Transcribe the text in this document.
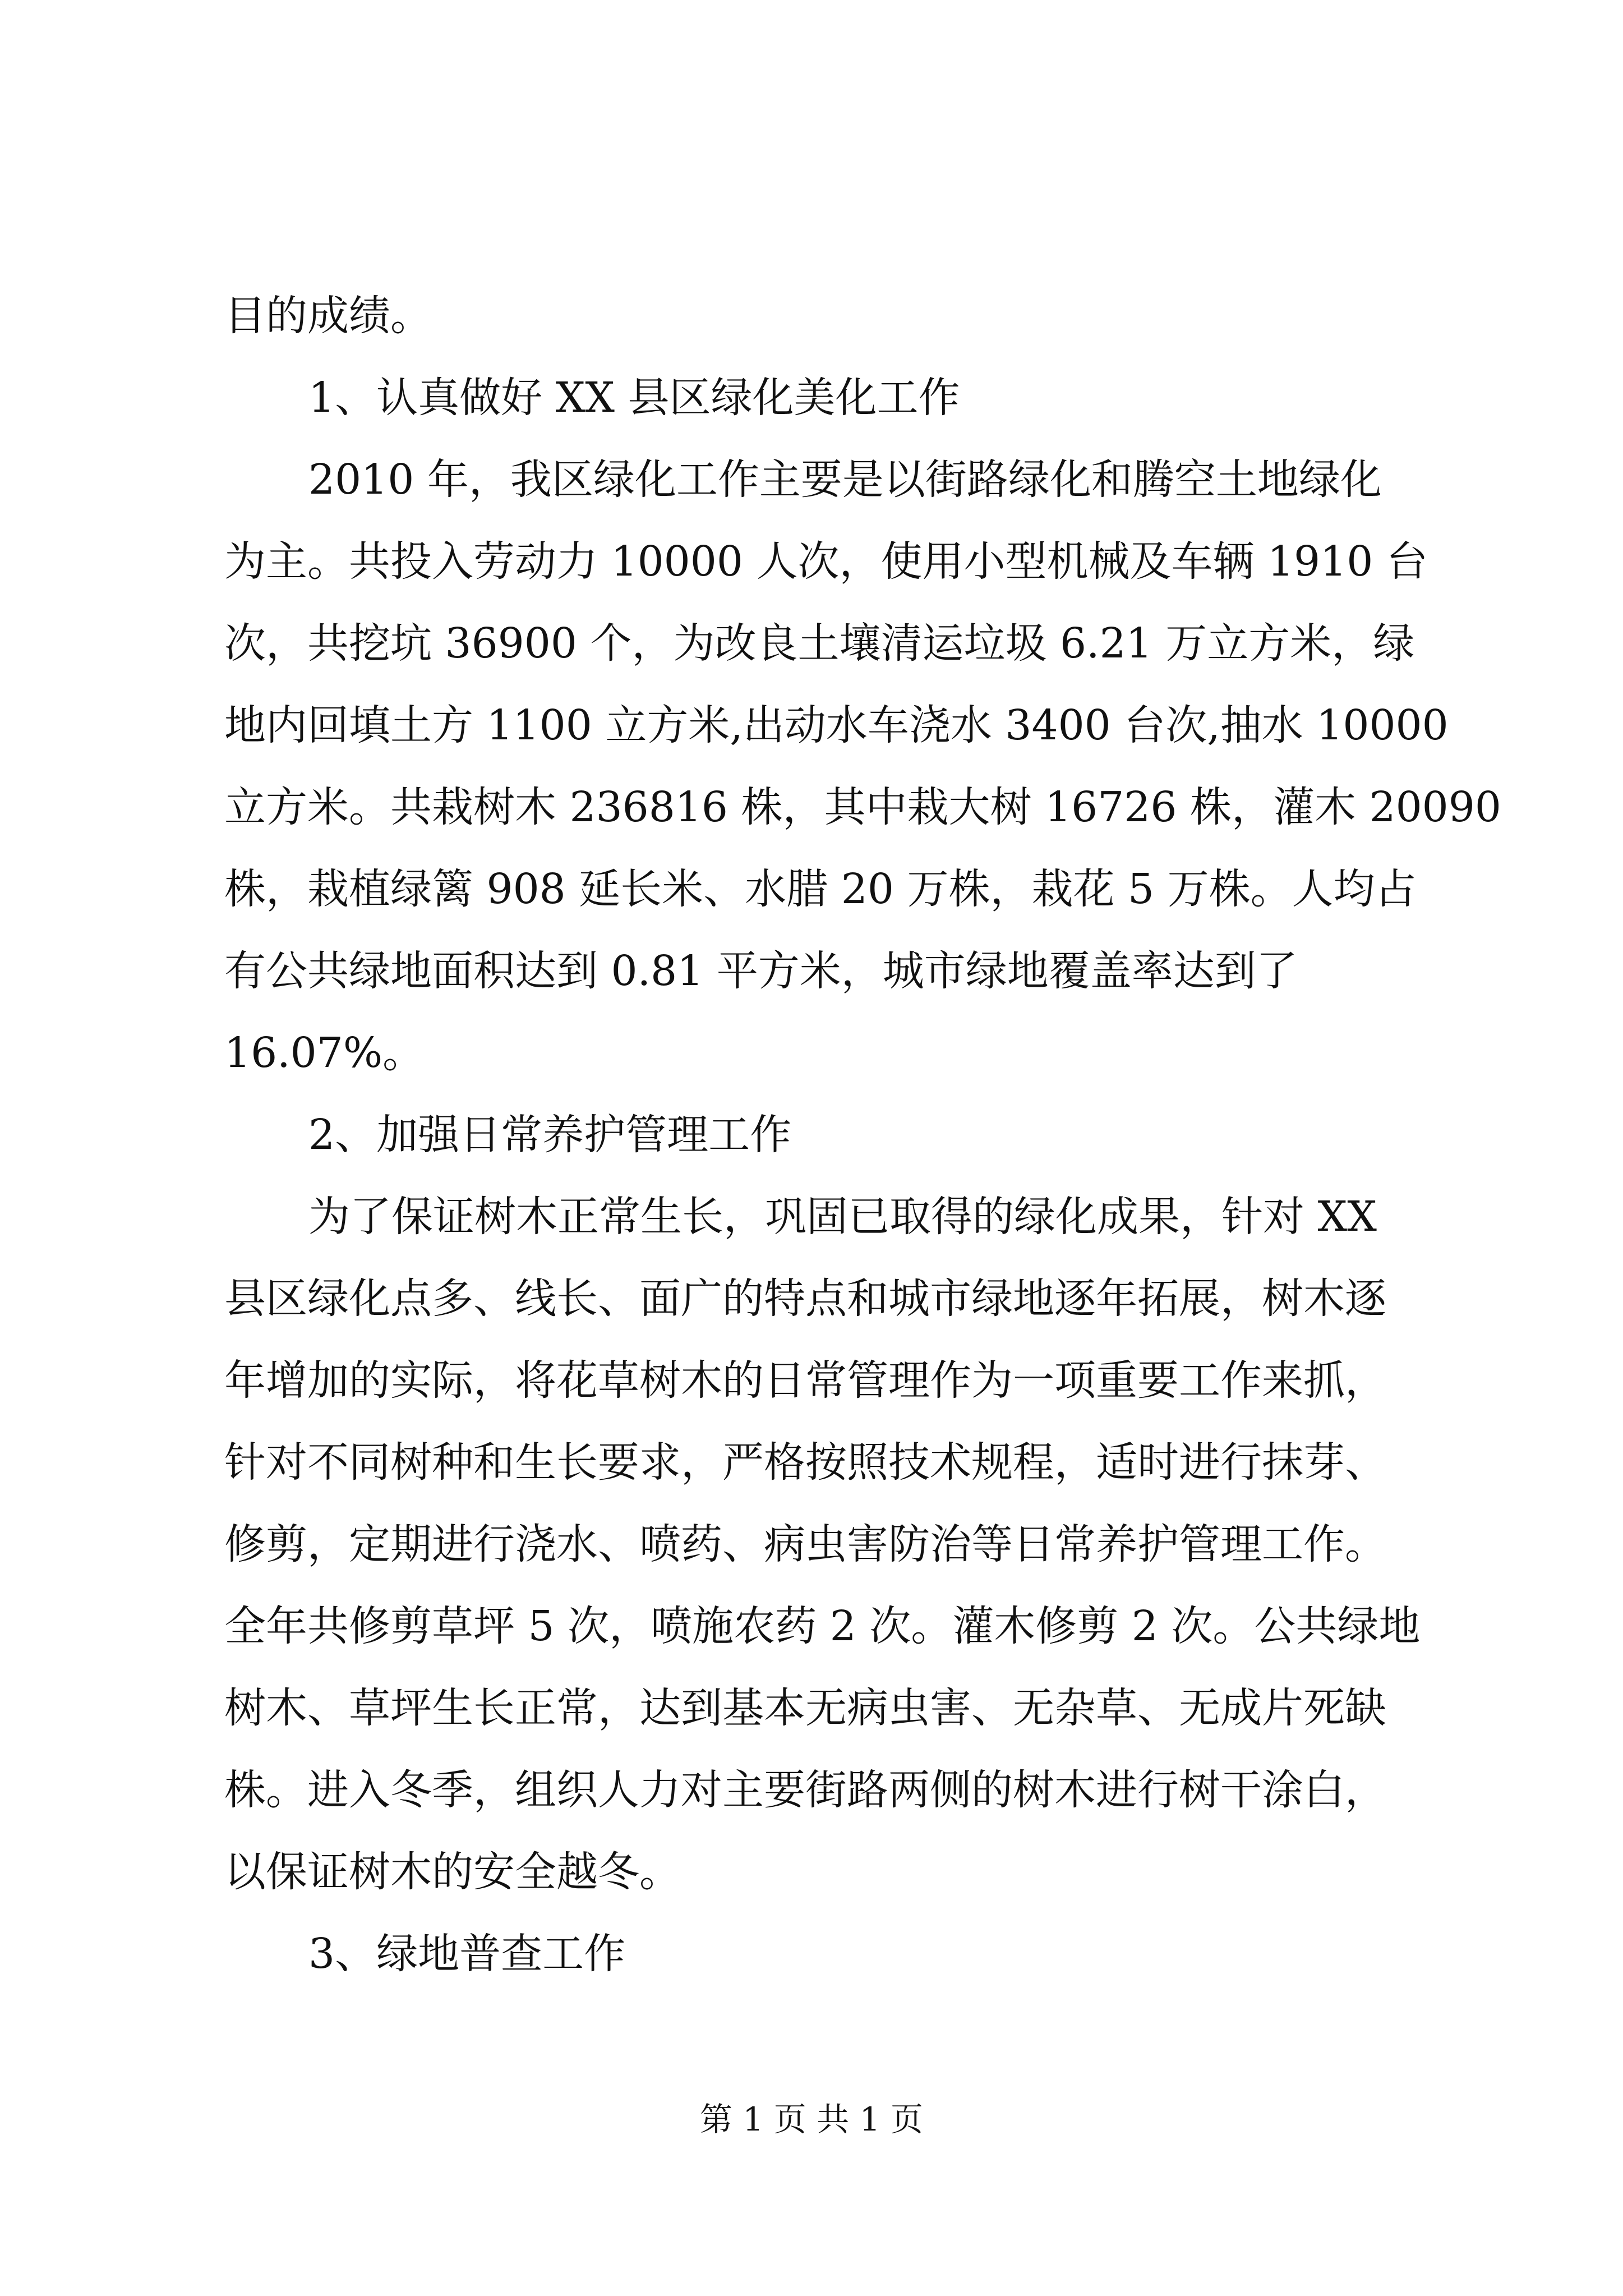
目的成绩。
1、认真做好 XX 县区绿化美化工作
2010 年，我区绿化工作主要是以街路绿化和腾空土地绿化
为主。共投入劳动力 10000 人次，使用小型机械及车辆 1910 台
次，共挖坑 36900 个，为改良土壤清运垃圾 6.21 万立方米，绿
地内回填土方 1100 立方米,出动水车浇水 3400 台次,抽水 10000
立方米。共栽树木 236816 株，其中栽大树 16726 株，灌木 20090
株，栽植绿篱 908 延长米、水腊 20 万株，栽花 5 万株。人均占
有公共绿地面积达到 0.81 平方米，城市绿地覆盖率达到了
16.07%。
2、加强日常养护管理工作
为了保证树木正常生长，巩固已取得的绿化成果，针对 XX
县区绿化点多、线长、面广的特点和城市绿地逐年拓展，树木逐
年增加的实际，将花草树木的日常管理作为一项重要工作来抓，
针对不同树种和生长要求，严格按照技术规程，适时进行抹芽、
修剪，定期进行浇水、喷药、病虫害防治等日常养护管理工作。
全年共修剪草坪 5 次，喷施农药 2 次。灌木修剪 2 次。公共绿地
树木、草坪生长正常，达到基本无病虫害、无杂草、无成片死缺
株。进入冬季，组织人力对主要街路两侧的树木进行树干涂白，
以保证树木的安全越冬。
3、绿地普查工作
第 1 页 共 1 页
